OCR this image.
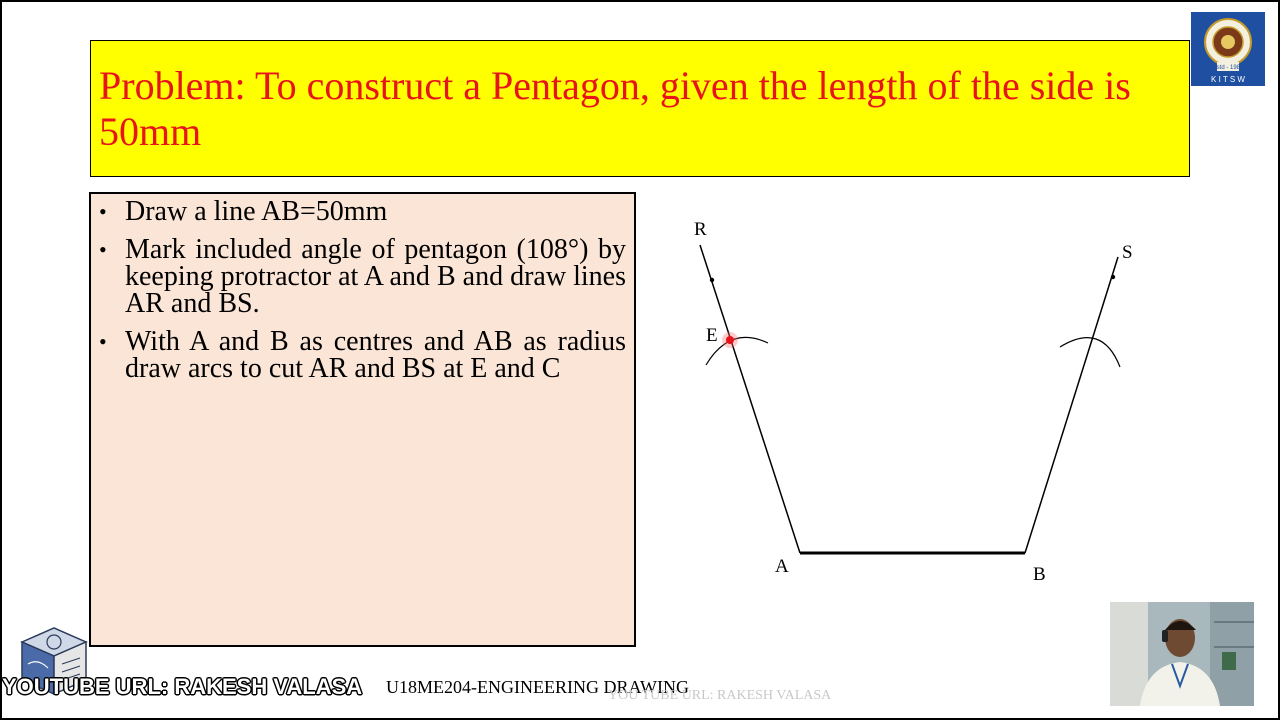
Problem: To construct a Pentagon, given the length of the side is 50mm
Estd - 1980
K I T S W
• Draw a line AB=50mm
• Mark included angle of pentagon (108°) by keeping protractor at A and B and draw lines AR and BS.
• With A and B as centres and AB as radius draw arcs to cut AR and BS at E and C
R
S
E
A	B
YOUTUBE URL: RAKESH VALASA U18ME204-ENGINEERING DRAWING
YOU TUBE URL: RAKESH VALASA
